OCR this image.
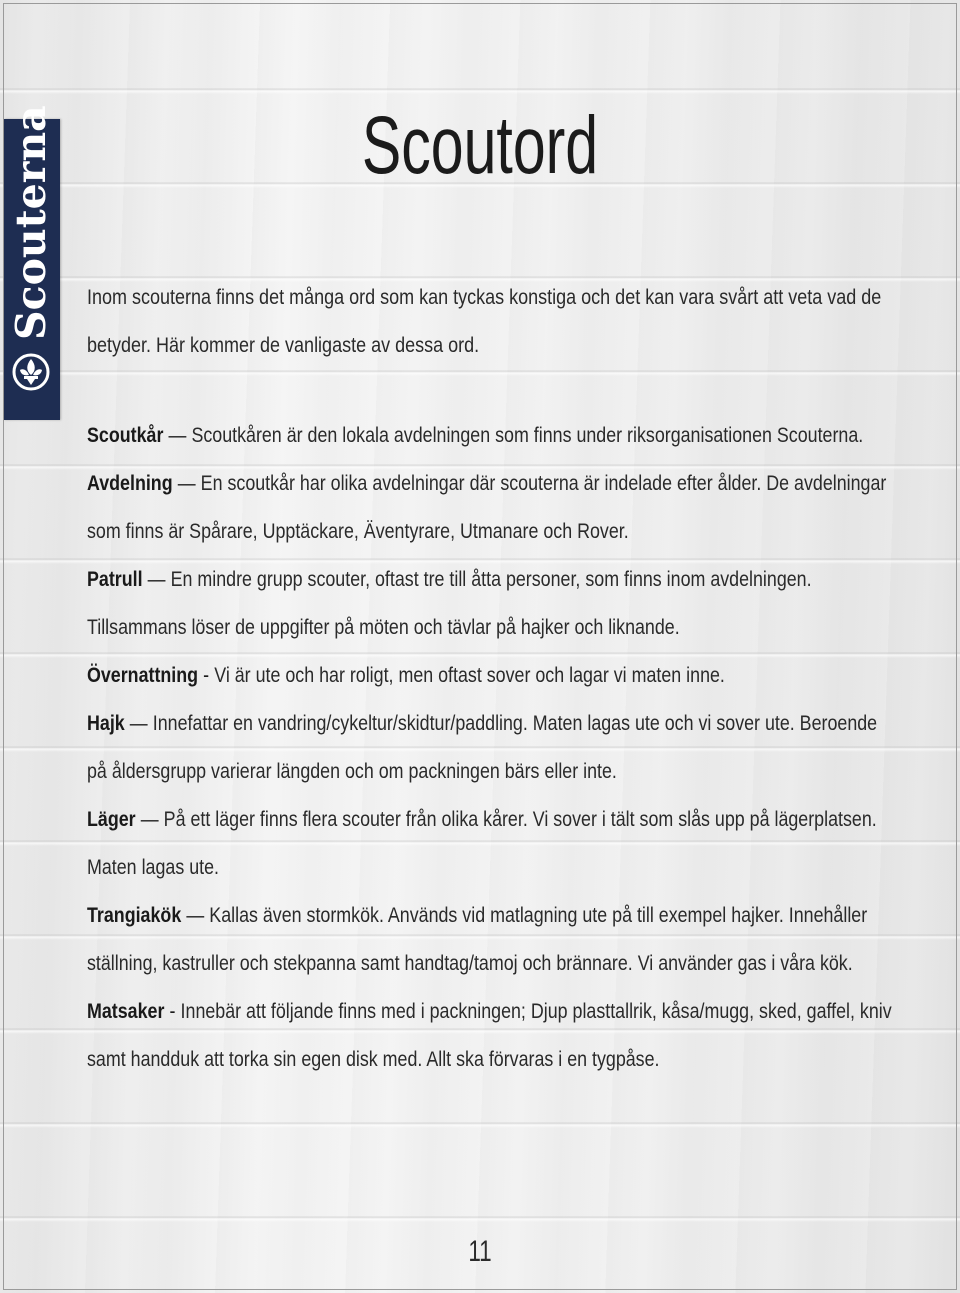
Scouterna	Scoutord

Inom scouterna finns det många ord som kan tyckas konstiga och det kan vara svårt att veta vad de betyder. Här kommer de vanligaste av dessa ord.

Scoutkår — Scoutkåren är den lokala avdelningen som finns under riksorganisationen Scouterna.
Avdelning — En scoutkår har olika avdelningar där scouterna är indelade efter ålder. De avdelningar som finns är Spårare, Upptäckare, Äventyrare, Utmanare och Rover.
Patrull — En mindre grupp scouter, oftast tre till åtta personer, som finns inom avdelningen. Tillsammans löser de uppgifter på möten och tävlar på hajker och liknande.
Övernattning - Vi är ute och har roligt, men oftast sover och lagar vi maten inne.
Hajk — Innefattar en vandring/cykeltur/skidtur/paddling. Maten lagas ute och vi sover ute. Beroende på åldersgrupp varierar längden och om packningen bärs eller inte.
Läger — På ett läger finns flera scouter från olika kårer. Vi sover i tält som slås upp på lägerplatsen. Maten lagas ute.
Trangiakök — Kallas även stormkök. Används vid matlagning ute på till exempel hajker. Innehåller ställning, kastruller och stekpanna samt handtag/tamoj och brännare. Vi använder gas i våra kök.
Matsaker - Innebär att följande finns med i packningen; Djup plasttallrik, kåsa/mugg, sked, gaffel, kniv samt handduk att torka sin egen disk med. Allt ska förvaras i en tygpåse.
11
